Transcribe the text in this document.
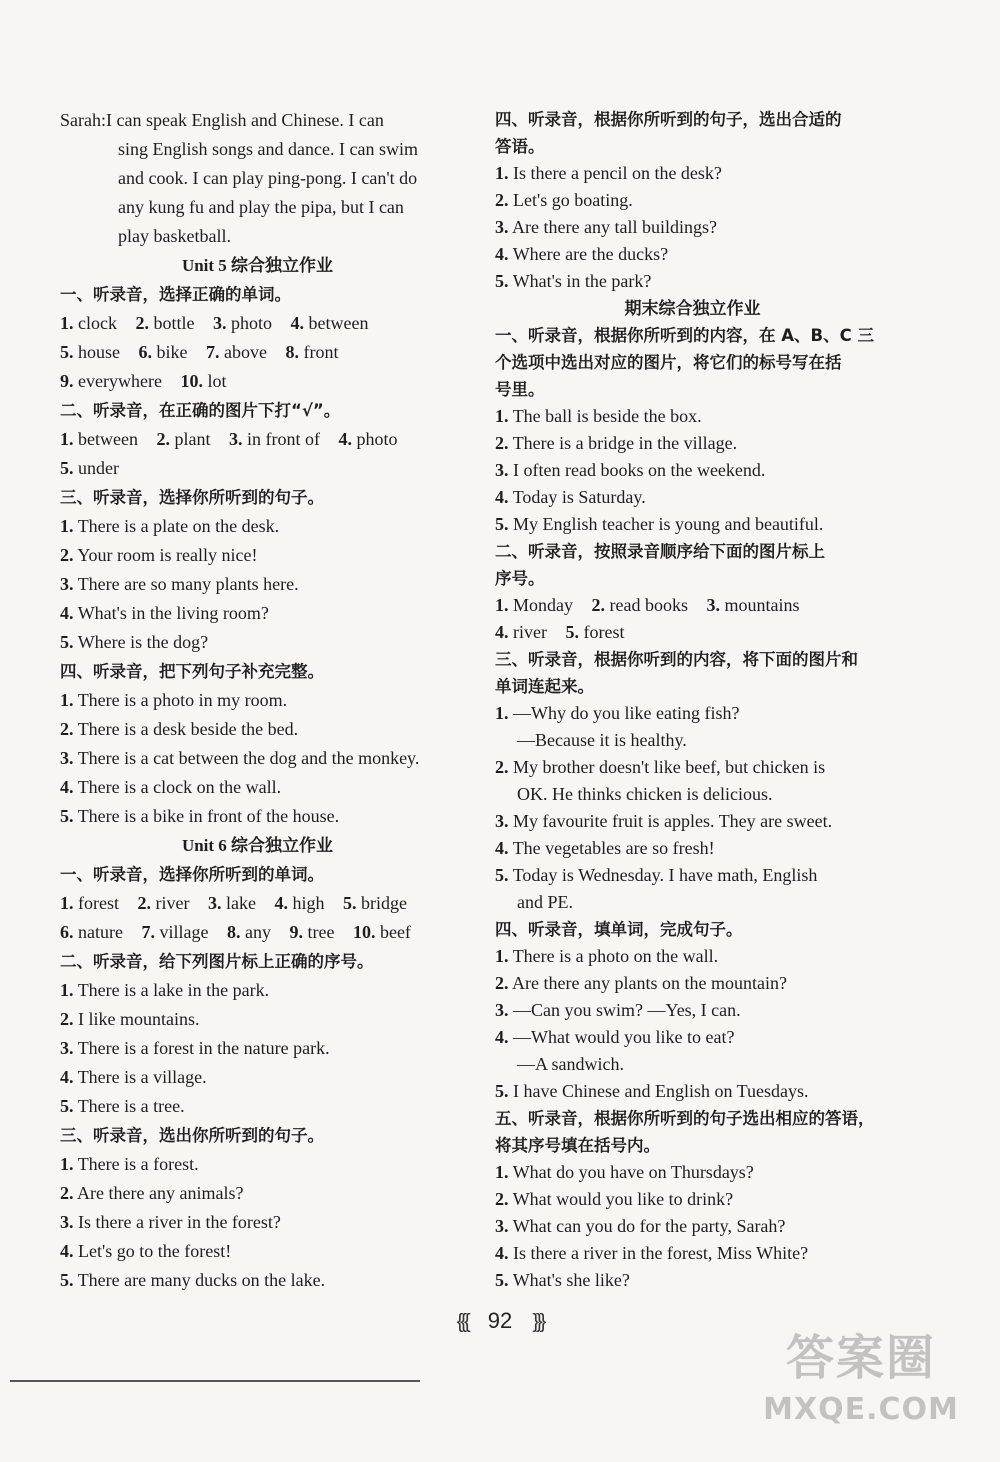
Sarah:I can speak English and Chinese. I can
sing English songs and dance. I can swim
and cook. I can play ping-pong. I can't do
any kung fu and play the pipa, but I can
play basketball.
Unit 5 综合独立作业
一、听录音，选择正确的单词。
1. clock 2. bottle 3. photo 4. between
5. house 6. bike 7. above 8. front
9. everywhere 10. lot
二、听录音，在正确的图片下打“√”。
1. between 2. plant 3. in front of 4. photo
5. under
三、听录音，选择你所听到的句子。
1. There is a plate on the desk.
2. Your room is really nice!
3. There are so many plants here.
4. What's in the living room?
5. Where is the dog?
四、听录音，把下列句子补充完整。
1. There is a photo in my room.
2. There is a desk beside the bed.
3. There is a cat between the dog and the monkey.
4. There is a clock on the wall.
5. There is a bike in front of the house.
Unit 6 综合独立作业
一、听录音，选择你所听到的单词。
1. forest 2. river 3. lake 4. high 5. bridge
6. nature 7. village 8. any 9. tree 10. beef
二、听录音，给下列图片标上正确的序号。
1. There is a lake in the park.
2. I like mountains.
3. There is a forest in the nature park.
4. There is a village.
5. There is a tree.
三、听录音，选出你所听到的句子。
1. There is a forest.
2. Are there any animals?
3. Is there a river in the forest?
4. Let's go to the forest!
5. There are many ducks on the lake.
四、听录音，根据你所听到的句子，选出合适的
答语。
1. Is there a pencil on the desk?
2. Let's go boating.
3. Are there any tall buildings?
4. Where are the ducks?
5. What's in the park?
期末综合独立作业
一、听录音，根据你所听到的内容，在 A、B、C 三
个选项中选出对应的图片，将它们的标号写在括
号里。
1. The ball is beside the box.
2. There is a bridge in the village.
3. I often read books on the weekend.
4. Today is Saturday.
5. My English teacher is young and beautiful.
二、听录音，按照录音顺序给下面的图片标上
序号。
1. Monday 2. read books 3. mountains
4. river 5. forest
三、听录音，根据你听到的内容，将下面的图片和
单词连起来。
1. —Why do you like eating fish?
—Because it is healthy.
2. My brother doesn't like beef, but chicken is
OK. He thinks chicken is delicious.
3. My favourite fruit is apples. They are sweet.
4. The vegetables are so fresh!
5. Today is Wednesday. I have math, English
and PE.
四、听录音，填单词，完成句子。
1. There is a photo on the wall.
2. Are there any plants on the mountain?
3. —Can you swim? —Yes, I can.
4. —What would you like to eat?
—A sandwich.
5. I have Chinese and English on Tuesdays.
五、听录音，根据你所听到的句子选出相应的答语，
将其序号填在括号内。
1. What do you have on Thursdays?
2. What would you like to drink?
3. What can you do for the party, Sarah?
4. Is there a river in the forest, Miss White?
5. What's she like?
{{{ 92 }}}
答案圈
MXQE.COM
